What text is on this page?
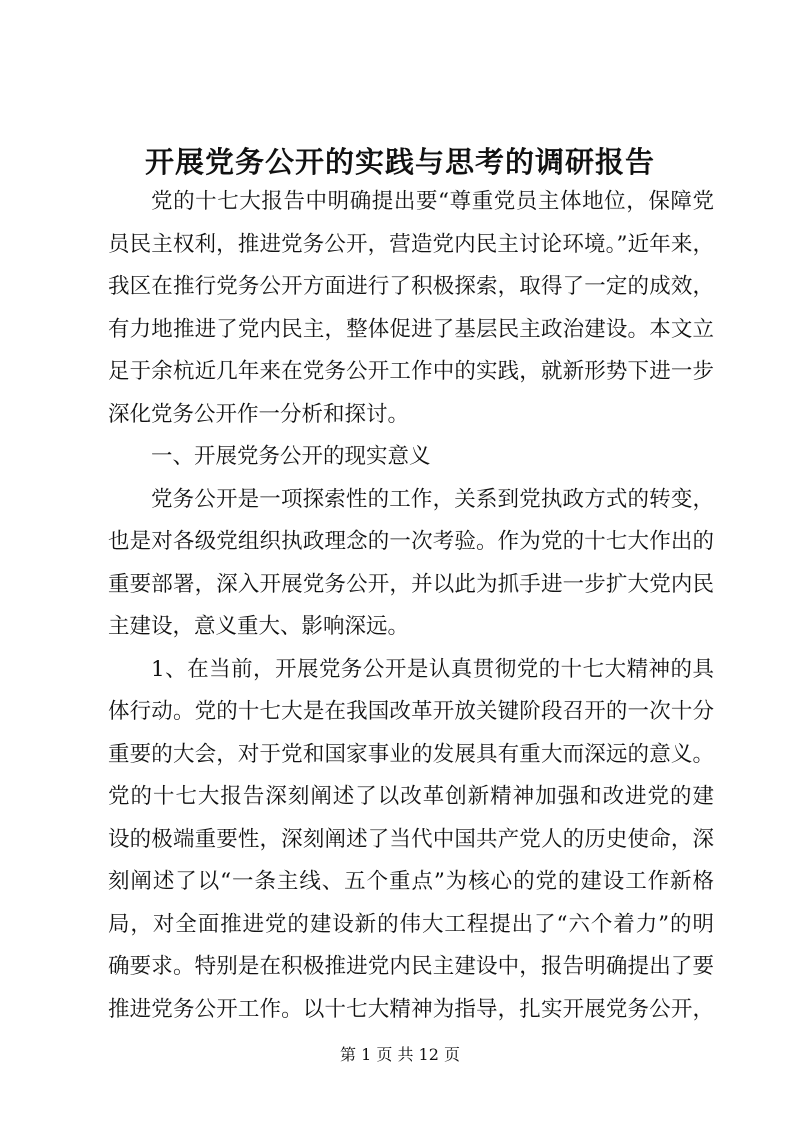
开展党务公开的实践与思考的调研报告
党的十七大报告中明确提出要“尊重党员主体地位，保障党
员民主权利，推进党务公开，营造党内民主讨论环境。”近年来，
我区在推行党务公开方面进行了积极探索，取得了一定的成效，
有力地推进了党内民主，整体促进了基层民主政治建设。本文立
足于余杭近几年来在党务公开工作中的实践，就新形势下进一步
深化党务公开作一分析和探讨。
一、开展党务公开的现实意义
党务公开是一项探索性的工作，关系到党执政方式的转变，
也是对各级党组织执政理念的一次考验。作为党的十七大作出的
重要部署，深入开展党务公开，并以此为抓手进一步扩大党内民
主建设，意义重大、影响深远。
1、在当前，开展党务公开是认真贯彻党的十七大精神的具
体行动。党的十七大是在我国改革开放关键阶段召开的一次十分
重要的大会，对于党和国家事业的发展具有重大而深远的意义。
党的十七大报告深刻阐述了以改革创新精神加强和改进党的建
设的极端重要性，深刻阐述了当代中国共产党人的历史使命，深
刻阐述了以“一条主线、五个重点”为核心的党的建设工作新格
局，对全面推进党的建设新的伟大工程提出了“六个着力”的明
确要求。特别是在积极推进党内民主建设中，报告明确提出了要
推进党务公开工作。以十七大精神为指导，扎实开展党务公开，
第 1 页 共 12 页
